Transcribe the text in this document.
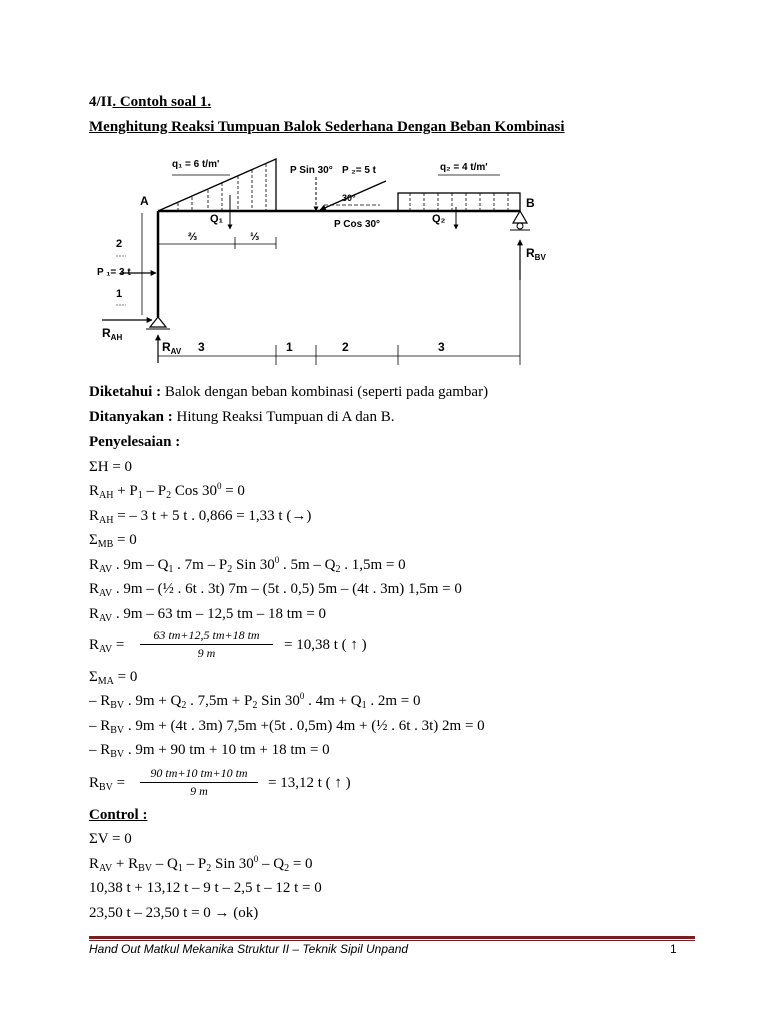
4/II. Contoh soal 1.
Menghitung Reaksi Tumpuan Balok Sederhana Dengan Beban Kombinasi
q₁ = 6 t/m'
Q₁
⅔	⅓
P Sin 30° P ₂= 5 t
30°
P Cos 30°
q₂ = 4 t/m'
Q₂
A	B
$R_{BV}$
$R_{AH}$
$R_{AV}$
P ₁= 3 t
2
1
3	1	2	3
Diketahui : Balok dengan beban kombinasi (seperti pada gambar)
Ditanyakan : Hitung Reaksi Tumpuan di A dan B.
Penyelesaian :
ΣH = 0
$R_{AH} + P_1 - P_2$ Cos $30^0 = 0$
$R_{AH}$ = – 3 t + 5 t . 0,866 = 1,33 t (→)
$\Sigma_{MB} = 0$
$R_{AV}$ . $9m - Q_1$ . $7m - P_2$ Sin $30^0$ . $5m - Q_2$ . 1,5m = 0
$R_{AV}$ . 9m – (½ . 6t . 3t) 7m – (5t . 0,5) 5m – (4t . 3m) 1,5m = 0
$R_{AV}$ . 9m – 63 tm – 12,5 tm – 18 tm = 0
$R_{AV} = \frac{63 tm+12,5 tm+18 tm}{9 m} = 10,38$ t ( ↑ )
$\Sigma_{MA} = 0$
– $R_{BV}$ . $9m + Q_2$ . $7,5m + P_2$ Sin $30^0$ . $4m + Q_1$ . 2m = 0
– $R_{BV}$ . 9m + (4t . 3m) 7,5m +(5t . 0,5m) 4m + (½ . 6t . 3t) 2m = 0
– $R_{BV}$ . 9m + 90 tm + 10 tm + 18 tm = 0
$R_{BV} = \frac{90 tm+10 tm+10 tm}{9 m} = 13,12$ t ( ↑ )
Control :
ΣV = 0
$R_{AV} + R_{BV} - Q_1 - P_2$ Sin $30^0 - Q_2 = 0$
10,38 t + 13,12 t – 9 t – 2,5 t – 12 t = 0
23,50 t – 23,50 t = 0 → (ok)
Hand Out Matkul Mekanika Struktur II – Teknik Sipil Unpand	1
